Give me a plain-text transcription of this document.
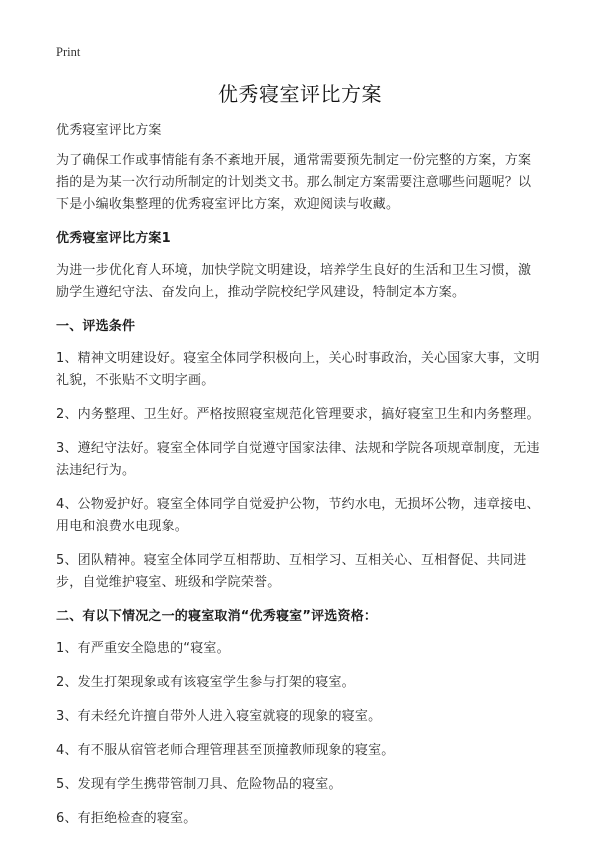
Print
优秀寝室评比方案

优秀寝室评比方案

为了确保工作或事情能有条不紊地开展，通常需要预先制定一份完整的方案，方案指的是为某一次行动所制定的计划类文书。那么制定方案需要注意哪些问题呢？以下是小编收集整理的优秀寝室评比方案，欢迎阅读与收藏。

优秀寝室评比方案1

为进一步优化育人环境，加快学院文明建设，培养学生良好的生活和卫生习惯，激励学生遵纪守法、奋发向上，推动学院校纪学风建设，特制定本方案。

一、评选条件

1、精神文明建设好。寝室全体同学积极向上，关心时事政治，关心国家大事，文明礼貌，不张贴不文明字画。

2、内务整理、卫生好。严格按照寝室规范化管理要求，搞好寝室卫生和内务整理。

3、遵纪守法好。寝室全体同学自觉遵守国家法律、法规和学院各项规章制度，无违法违纪行为。

4、公物爱护好。寝室全体同学自觉爱护公物，节约水电，无损坏公物，违章接电、用电和浪费水电现象。

5、团队精神。寝室全体同学互相帮助、互相学习、互相关心、互相督促、共同进步，自觉维护寝室、班级和学院荣誉。

二、有以下情况之一的寝室取消“优秀寝室”评选资格：

1、有严重安全隐患的“寝室。

2、发生打架现象或有该寝室学生参与打架的寝室。

3、有未经允许擅自带外人进入寝室就寝的现象的寝室。

4、有不服从宿管老师合理管理甚至顶撞教师现象的寝室。

5、发现有学生携带管制刀具、危险物品的寝室。

6、有拒绝检查的寝室。
